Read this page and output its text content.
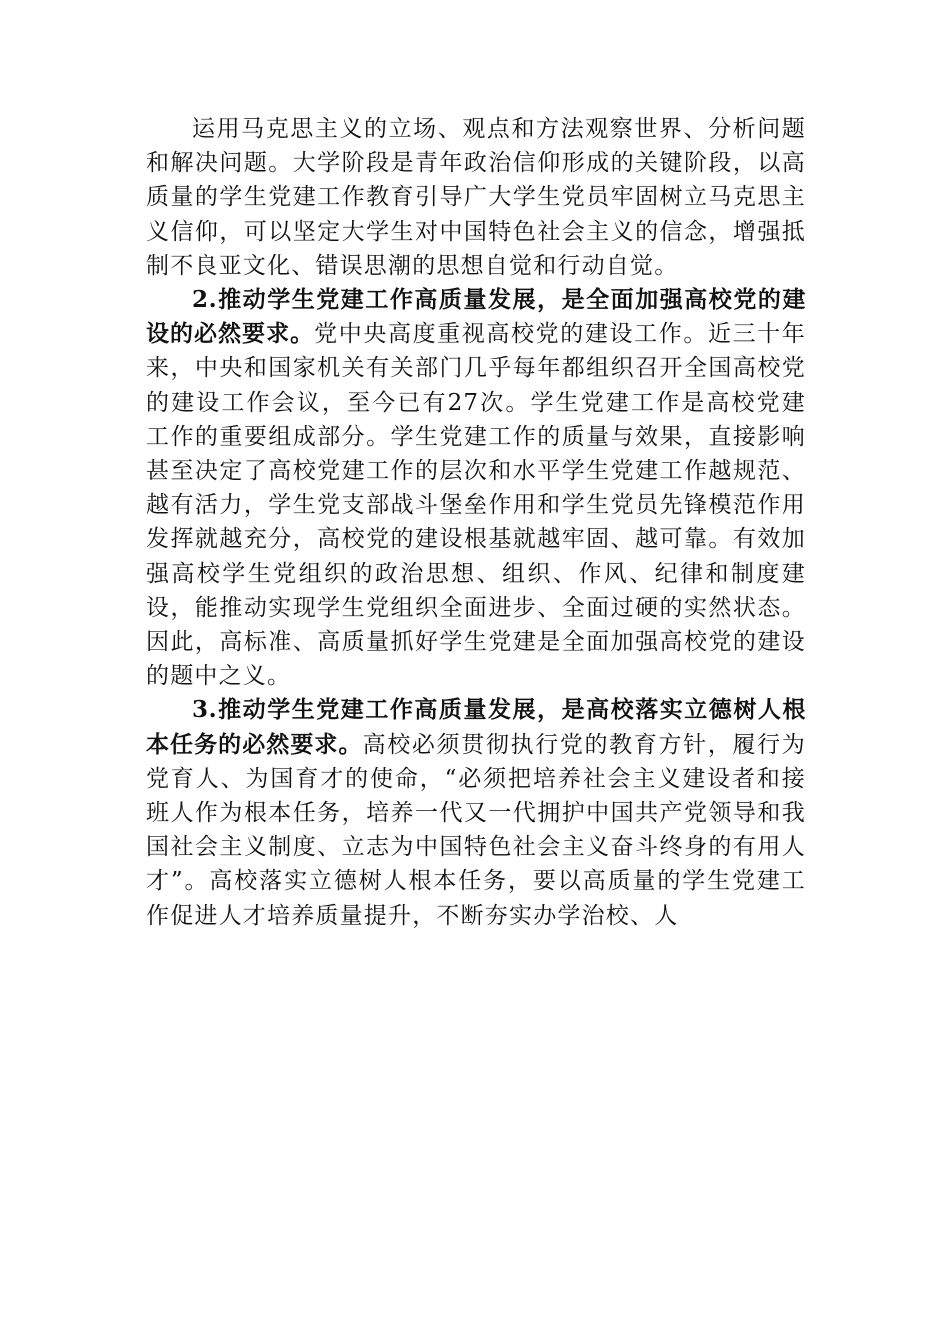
运用马克思主义的立场、观点和方法观察世界、分析问题和解决问题。大学阶段是青年政治信仰形成的关键阶段，以高质量的学生党建工作教育引导广大学生党员牢固树立马克思主义信仰，可以坚定大学生对中国特色社会主义的信念，增强抵制不良亚文化、错误思潮的思想自觉和行动自觉。

2.推动学生党建工作高质量发展，是全面加强高校党的建设的必然要求。党中央高度重视高校党的建设工作。近三十年来，中央和国家机关有关部门几乎每年都组织召开全国高校党的建设工作会议，至今已有27次。学生党建工作是高校党建工作的重要组成部分。学生党建工作的质量与效果，直接影响甚至决定了高校党建工作的层次和水平学生党建工作越规范、越有活力，学生党支部战斗堡垒作用和学生党员先锋模范作用发挥就越充分，高校党的建设根基就越牢固、越可靠。有效加强高校学生党组织的政治思想、组织、作风、纪律和制度建设，能推动实现学生党组织全面进步、全面过硬的实然状态。因此，高标准、高质量抓好学生党建是全面加强高校党的建设的题中之义。

3.推动学生党建工作高质量发展，是高校落实立德树人根本任务的必然要求。高校必须贯彻执行党的教育方针，履行为党育人、为国育才的使命，“必须把培养社会主义建设者和接班人作为根本任务，培养一代又一代拥护中国共产党领导和我国社会主义制度、立志为中国特色社会主义奋斗终身的有用人才”。高校落实立德树人根本任务，要以高质量的学生党建工作促进人才培养质量提升，不断夯实办学治校、人
